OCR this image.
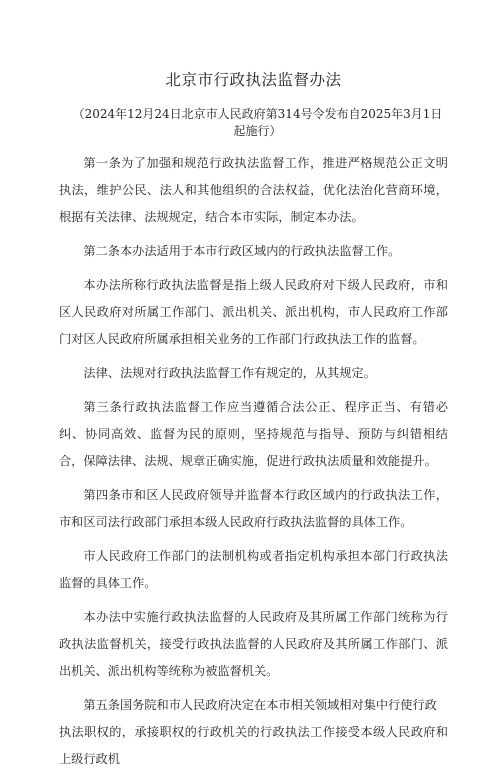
北京市行政执法监督办法

（2024年12月24日北京市人民政府第314号令发布自2025年3月1日起施行）

第一条为了加强和规范行政执法监督工作，推进严格规范公正文明执法，维护公民、法人和其他组织的合法权益，优化法治化营商环境，根据有关法律、法规规定，结合本市实际，制定本办法。

第二条本办法适用于本市行政区域内的行政执法监督工作。

本办法所称行政执法监督是指上级人民政府对下级人民政府，市和区人民政府对所属工作部门、派出机关、派出机构，市人民政府工作部门对区人民政府所属承担相关业务的工作部门行政执法工作的监督。

法律、法规对行政执法监督工作有规定的，从其规定。

第三条行政执法监督工作应当遵循合法公正、程序正当、有错必纠、协同高效、监督为民的原则，坚持规范与指导、预防与纠错相结合，保障法律、法规、规章正确实施，促进行政执法质量和效能提升。

第四条市和区人民政府领导并监督本行政区域内的行政执法工作，市和区司法行政部门承担本级人民政府行政执法监督的具体工作。

市人民政府工作部门的法制机构或者指定机构承担本部门行政执法监督的具体工作。

本办法中实施行政执法监督的人民政府及其所属工作部门统称为行政执法监督机关，接受行政执法监督的人民政府及其所属工作部门、派出机关、派出机构等统称为被监督机关。

第五条国务院和市人民政府决定在本市相关领域相对集中行使行政

执法职权的，承接职权的行政机关的行政执法工作接受本级人民政府和上级行政机
